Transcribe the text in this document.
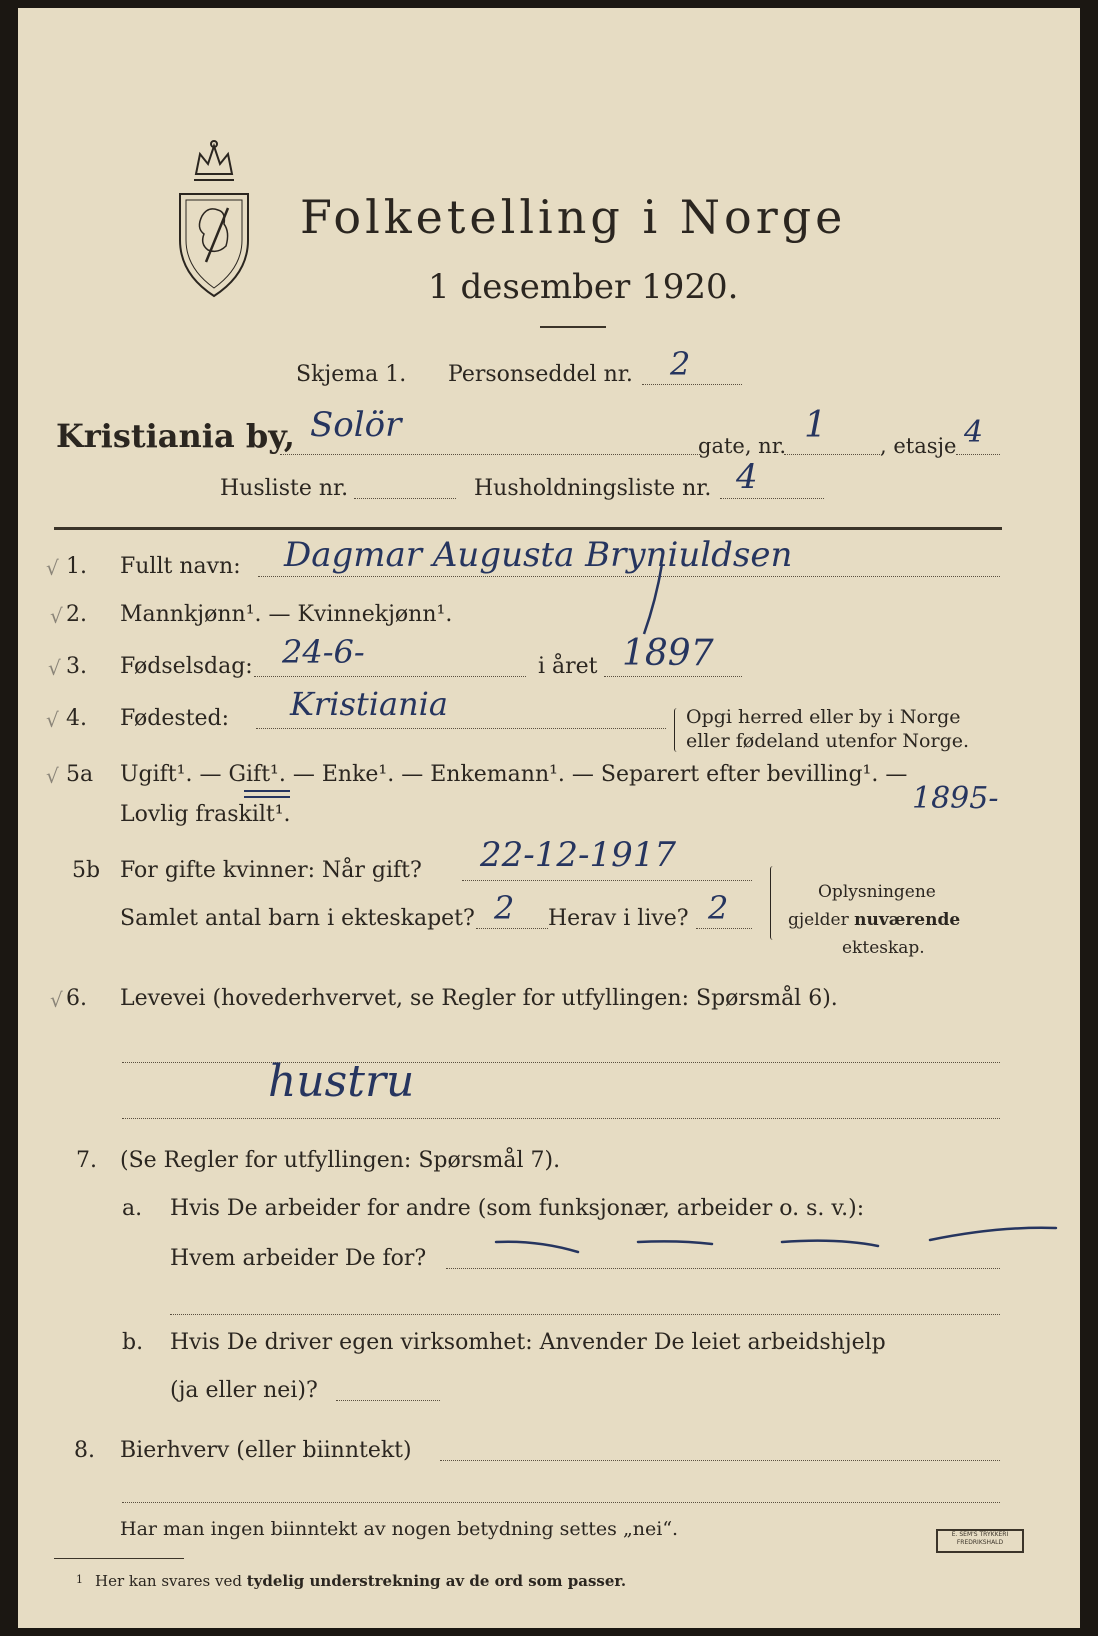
Folketelling i Norge
1 desember 1920.
Skjema 1. Personseddel nr. 2
Kristiania by, Solör
gate, nr. 1	, etasje 4
Husliste nr.	Husholdningsliste nr. 4
√ 1. Fullt navn: Dagmar Augusta Bryniuldsen
√ 2. Mannkjønn¹. — Kvinnekjønn¹.
√ 3. Fødselsdag: 24-6-	i året 1897
√ 4. Fødested: Kristiania	Opgi herred eller by i Norge
eller fødeland utenfor Norge.
√ 5a Ugift¹. — Gift¹. — Enke¹. — Enkemann¹. — Separert efter bevilling¹. —
Lovlig fraskilt¹.	1895-
5b For gifte kvinner: Når gift? 22-12-1917
Samlet antal barn i ekteskapet? 2 Herav i live? 2	Oplysningene
gjelder nuværende
ekteskap.
√ 6. Levevei (hovederhvervet, se Regler for utfyllingen: Spørsmål 6).
hustru
7. (Se Regler for utfyllingen: Spørsmål 7).
a. Hvis De arbeider for andre (som funksjonær, arbeider o. s. v.):
Hvem arbeider De for?
b. Hvis De driver egen virksomhet: Anvender De leiet arbeidshjelp
(ja eller nei)?
8. Bierhverv (eller biinntekt)
Har man ingen biinntekt av nogen betydning settes „nei“.
$^1$ Her kan svares ved tydelig understrekning av de ord som passer.
E. SEM'S TRYKKERI FREDRIKSHALD
